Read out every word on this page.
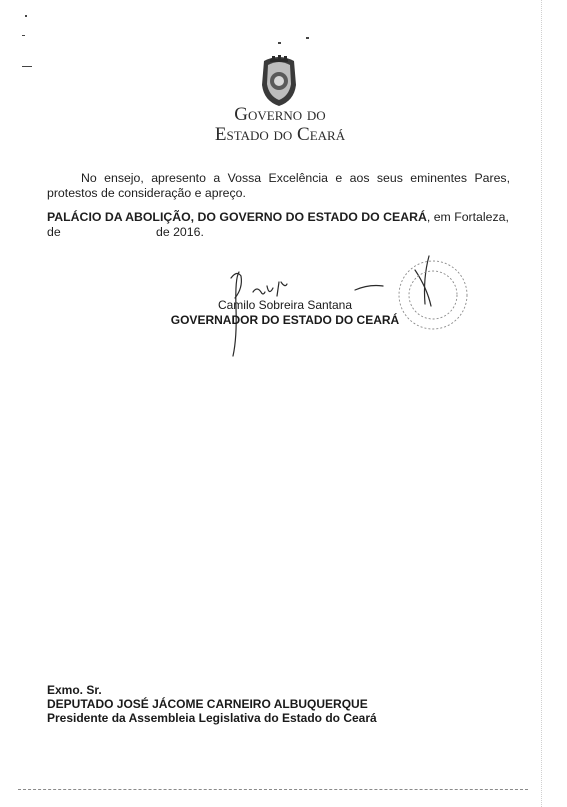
Governo do
Estado do Ceará
No ensejo, apresento a Vossa Excelência e aos seus eminentes Pares, protestos de consideração e apreço.
PALÁCIO DA ABOLIÇÃO, DO GOVERNO DO ESTADO DO CEARÁ, em Fortaleza,
de	de 2016.
Camilo Sobreira Santana
GOVERNADOR DO ESTADO DO CEARÁ
Exmo. Sr.
DEPUTADO JOSÉ JÁCOME CARNEIRO ALBUQUERQUE
Presidente da Assembleia Legislativa do Estado do Ceará
